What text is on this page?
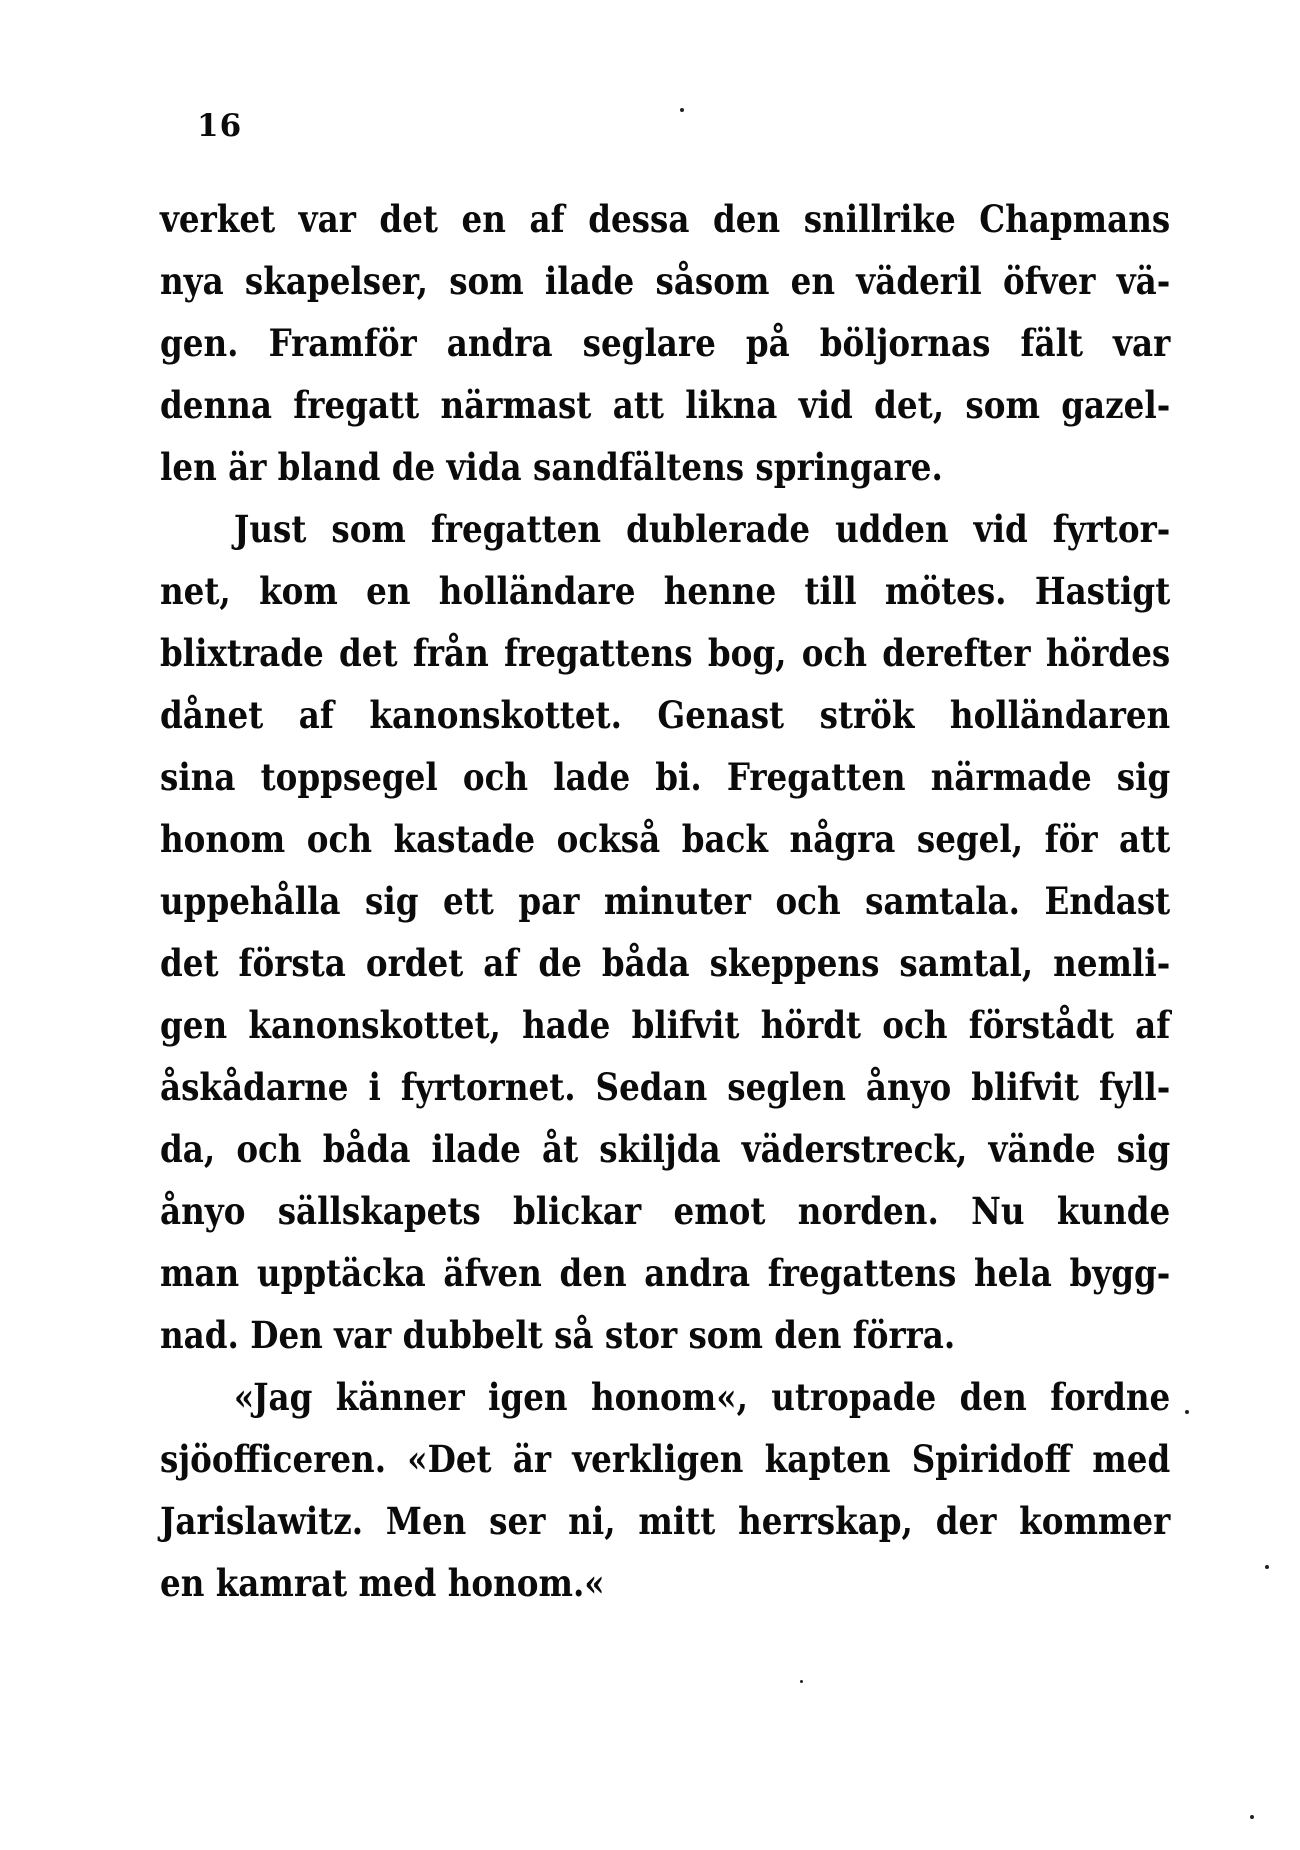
16
verket var det en af dessa den snillrike Chapmans
nya skapelser, som ilade såsom en väderil öfver vä-
gen. Framför andra seglare på böljornas fält var
denna fregatt närmast att likna vid det, som gazel-
len är bland de vida sandfältens springare.
Just som fregatten dublerade udden vid fyrtor-
net, kom en holländare henne till mötes. Hastigt
blixtrade det från fregattens bog, och derefter hördes
dånet af kanonskottet. Genast strök holländaren
sina toppsegel och lade bi. Fregatten närmade sig
honom och kastade också back några segel, för att
uppehålla sig ett par minuter och samtala. Endast
det första ordet af de båda skeppens samtal, nemli-
gen kanonskottet, hade blifvit hördt och förstådt af
åskådarne i fyrtornet. Sedan seglen ånyo blifvit fyll-
da, och båda ilade åt skiljda väderstreck, vände sig
ånyo sällskapets blickar emot norden. Nu kunde
man upptäcka äfven den andra fregattens hela bygg-
nad. Den var dubbelt så stor som den förra.
«Jag känner igen honom«, utropade den fordne
sjöofficeren. «Det är verkligen kapten Spiridoff med
Jarislawitz. Men ser ni, mitt herrskap, der kommer
en kamrat med honom.«
